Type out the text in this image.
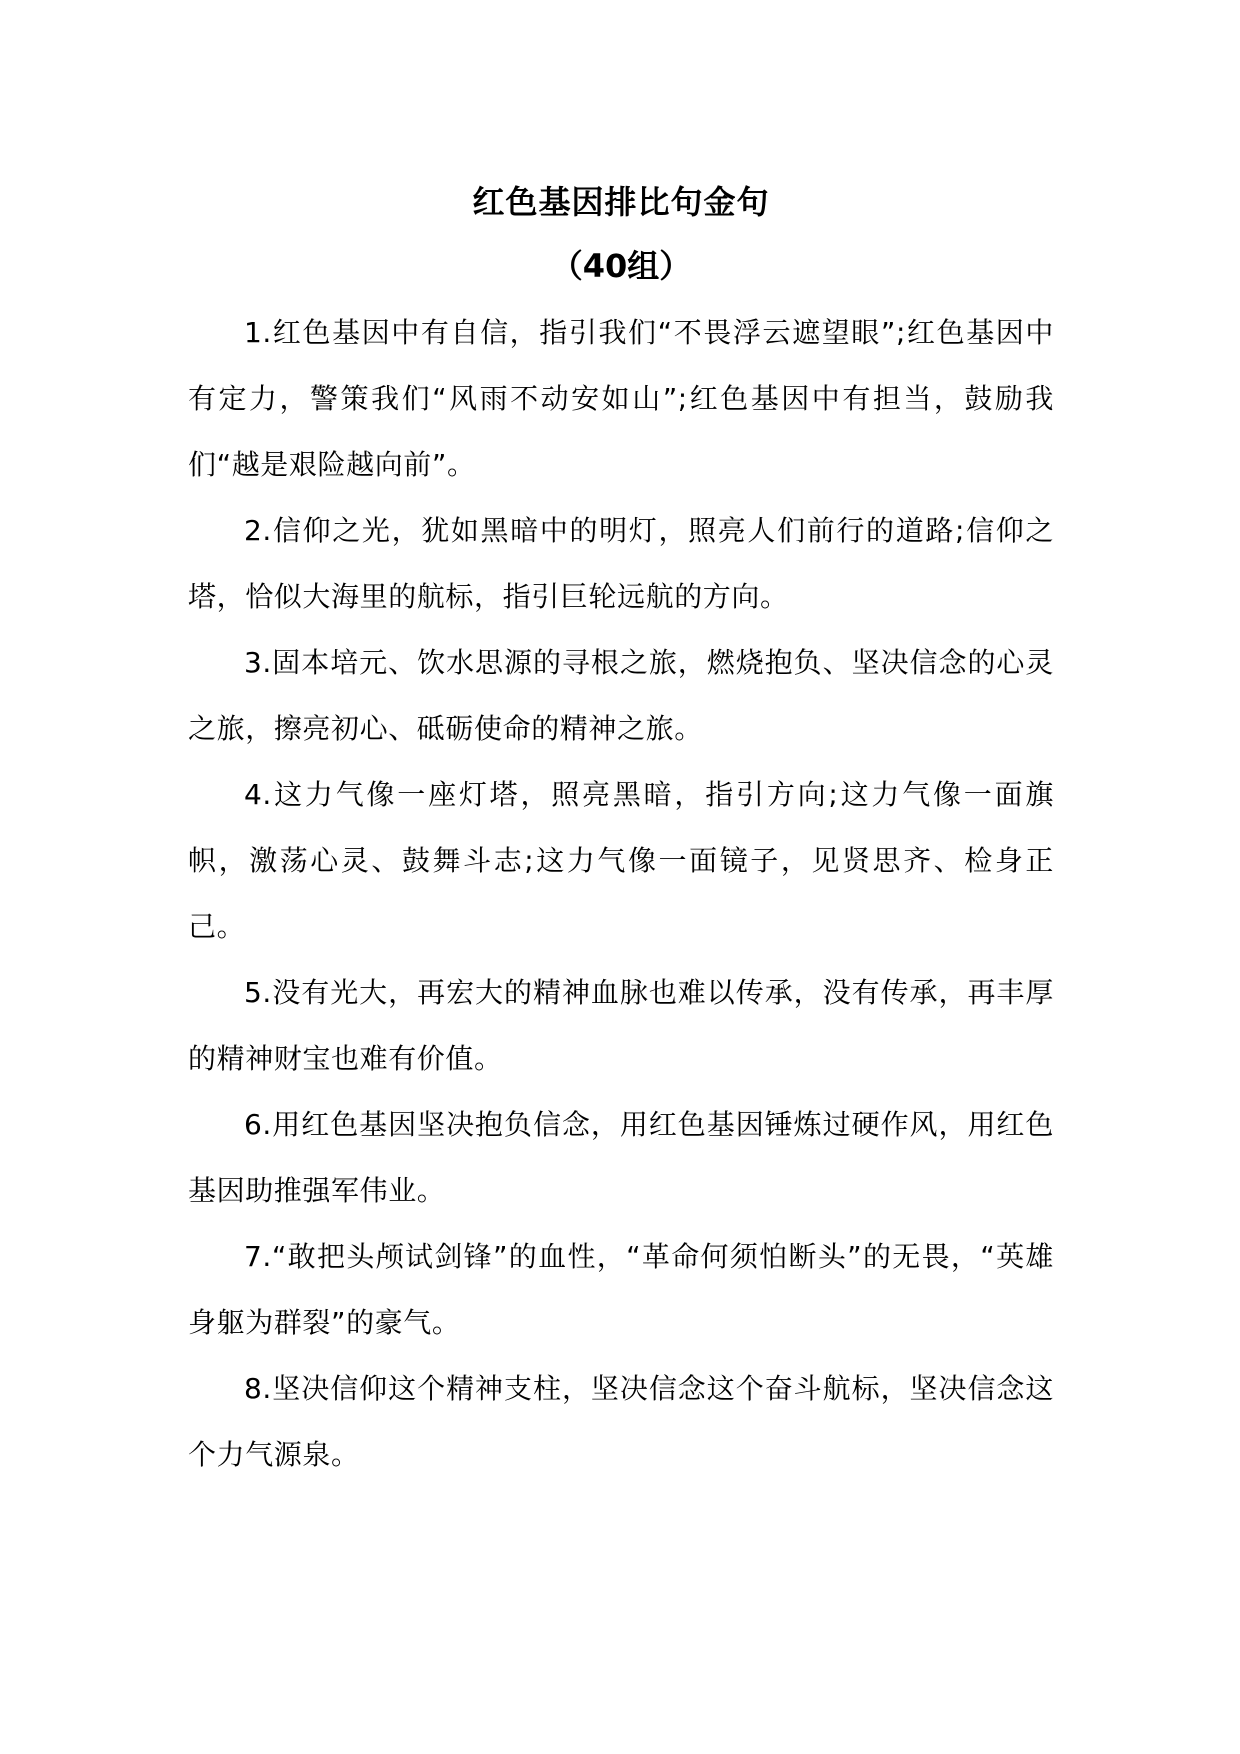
红色基因排比句金句
（40组）

1.红色基因中有自信，指引我们“不畏浮云遮望眼”;红色基因中有定力，警策我们“风雨不动安如山”;红色基因中有担当，鼓励我们“越是艰险越向前”。

2.信仰之光，犹如黑暗中的明灯，照亮人们前行的道路;信仰之塔，恰似大海里的航标，指引巨轮远航的方向。

3.固本培元、饮水思源的寻根之旅，燃烧抱负、坚决信念的心灵之旅，擦亮初心、砥砺使命的精神之旅。

4.这力气像一座灯塔，照亮黑暗，指引方向;这力气像一面旗帜，激荡心灵、鼓舞斗志;这力气像一面镜子，见贤思齐、检身正己。

5.没有光大，再宏大的精神血脉也难以传承，没有传承，再丰厚的精神财宝也难有价值。

6.用红色基因坚决抱负信念，用红色基因锤炼过硬作风，用红色基因助推强军伟业。

7.“敢把头颅试剑锋”的血性，“革命何须怕断头”的无畏，“英雄身躯为群裂”的豪气。

8.坚决信仰这个精神支柱，坚决信念这个奋斗航标，坚决信念这个力气源泉。
